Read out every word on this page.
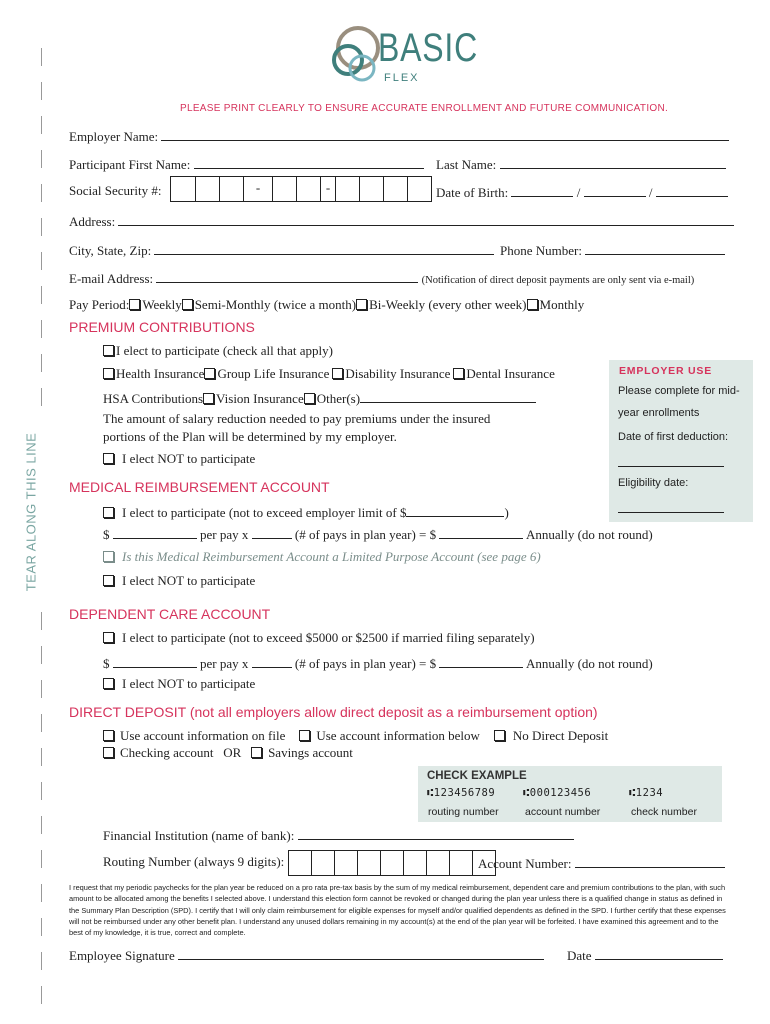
TEAR ALONG THIS LINE
BASIC
FLEX
PLEASE PRINT CLEARLY TO ENSURE ACCURATE ENROLLMENT AND FUTURE COMMUNICATION.
Employer Name:
Participant First Name:	Last Name:
Social Security #:	-	-	Date of Birth:	/	/
Address:
City, State, Zip:	Phone Number:
E-mail Address:	(Notification of direct deposit payments are only sent via e-mail)
Pay Period: Weekly Semi-Monthly (twice a month) Bi-Weekly (every other week) Monthly
PREMIUM CONTRIBUTIONS
I elect to participate (check all that apply)
Health Insurance Group Life Insurance Disability Insurance Dental Insurance
HSA Contributions Vision Insurance Other(s)
The amount of salary reduction needed to pay premiums under the insured
portions of the Plan will be determined by my employer.
I elect NOT to participate
EMPLOYER USE
Please complete for mid-
year enrollments
Date of first deduction:
Eligibility date:
MEDICAL REIMBURSEMENT ACCOUNT
I elect to participate (not to exceed employer limit of $	)
$	per pay x	(# of pays in plan year) = $	Annually (do not round)
Is this Medical Reimbursement Account a Limited Purpose Account (see page 6)
I elect NOT to participate
DEPENDENT CARE ACCOUNT
I elect to participate (not to exceed $5000 or $2500 if married filing separately)
$	per pay x	(# of pays in plan year) = $	Annually (do not round)
I elect NOT to participate
DIRECT DEPOSIT (not all employers allow direct deposit as a reimbursement option)
Use account information on file Use account information below	No Direct Deposit
Checking account OR Savings account
CHECK EXAMPLE
⑆123456789	⑆000123456	⑆1234
routing number	account number	check number
Financial Institution (name of bank):
Routing Number (always 9 digits):	Account Number:
I request that my periodic paychecks for the plan year be reduced on a pro rata pre-tax basis by the sum of my medical reimbursement, dependent care and premium contributions to the plan, with such amount to be allocated among the benefits I selected above. I understand this election form cannot be revoked or changed during the plan year unless there is a qualified change in status as defined in the Summary Plan Description (SPD). I certify that I will only claim reimbursement for eligible expenses for myself and/or qualified dependents as defined in the SPD. I further certify that these expenses will not be reimbursed under any other benefit plan. I understand any unused dollars remaining in my account(s) at the end of the plan year will be forfeited. I have examined this agreement and to the best of my knowledge, it is true, correct and complete.
Employee Signature	Date
